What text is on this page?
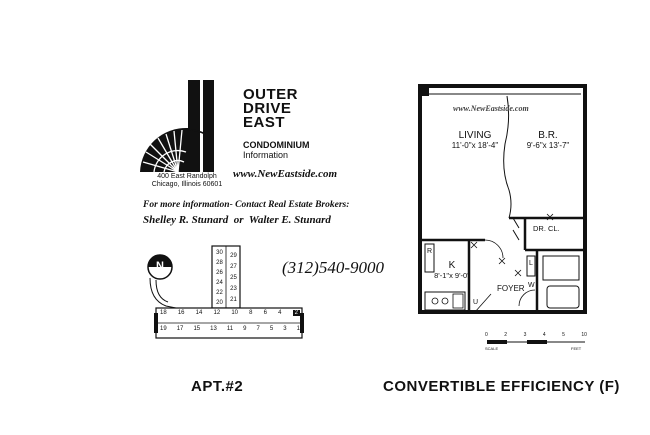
400 East Randolph
Chicago, Illinois 60601
OUTER
DRIVE
EAST
CONDOMINIUM
Information
www.NewEastside.com
For more information- Contact Real Estate Brokers:
Shelley R. Stunard  or  Walter E. Stunard
(312)540-9000
N
30
28
26
24
22
20
29
27
25
23
21
18 16 14 12 10 8 6 4	2
19 17 15 13 11 9 7 5 3 1
www.NewEastside.com
LIVING
11'-0"x 18'-4"
B.R.
9'-6"x 13'-7"
DR. CL.
R
K
8'-1"x 9'-0"
FOYER
L
W
U
0	2	3	4	5	10
SCALE	FEET
APT.#2	CONVERTIBLE EFFICIENCY (F)
